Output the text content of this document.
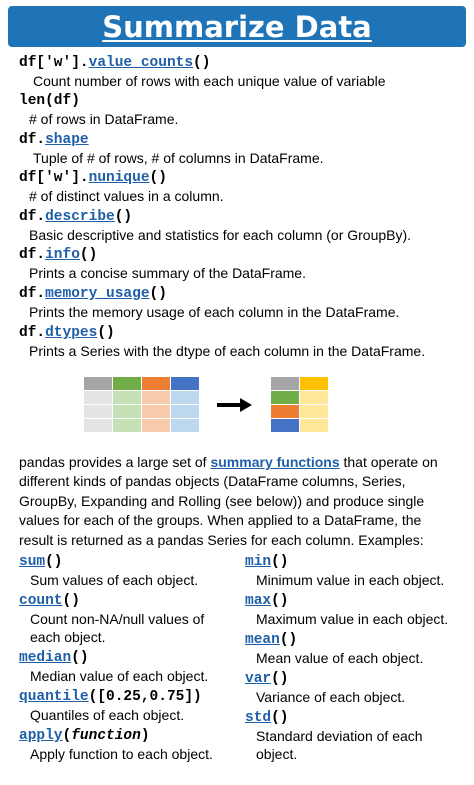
Summarize Data
df['w'].value_counts()
Count number of rows with each unique value of variable
len(df)
# of rows in DataFrame.
df.shape
Tuple of # of rows, # of columns in DataFrame.
df['w'].nunique()
# of distinct values in a column.
df.describe()
Basic descriptive and statistics for each column (or GroupBy).
df.info()
Prints a concise summary of the DataFrame.
df.memory_usage()
Prints the memory usage of each column in the DataFrame.
df.dtypes()
Prints a Series with the dtype of each column in the DataFrame.
pandas provides a large set of summary functions that operate on different kinds of pandas objects (DataFrame columns, Series, GroupBy, Expanding and Rolling (see below)) and produce single values for each of the groups. When applied to a DataFrame, the result is returned as a pandas Series for each column. Examples:
sum()
Sum values of each object.
count()
Count non-NA/null values of each object.
median()
Median value of each object.
quantile([0.25,0.75])
Quantiles of each object.
apply(function)
Apply function to each object.
min()
Minimum value in each object.
max()
Maximum value in each object.
mean()
Mean value of each object.
var()
Variance of each object.
std()
Standard deviation of each object.
